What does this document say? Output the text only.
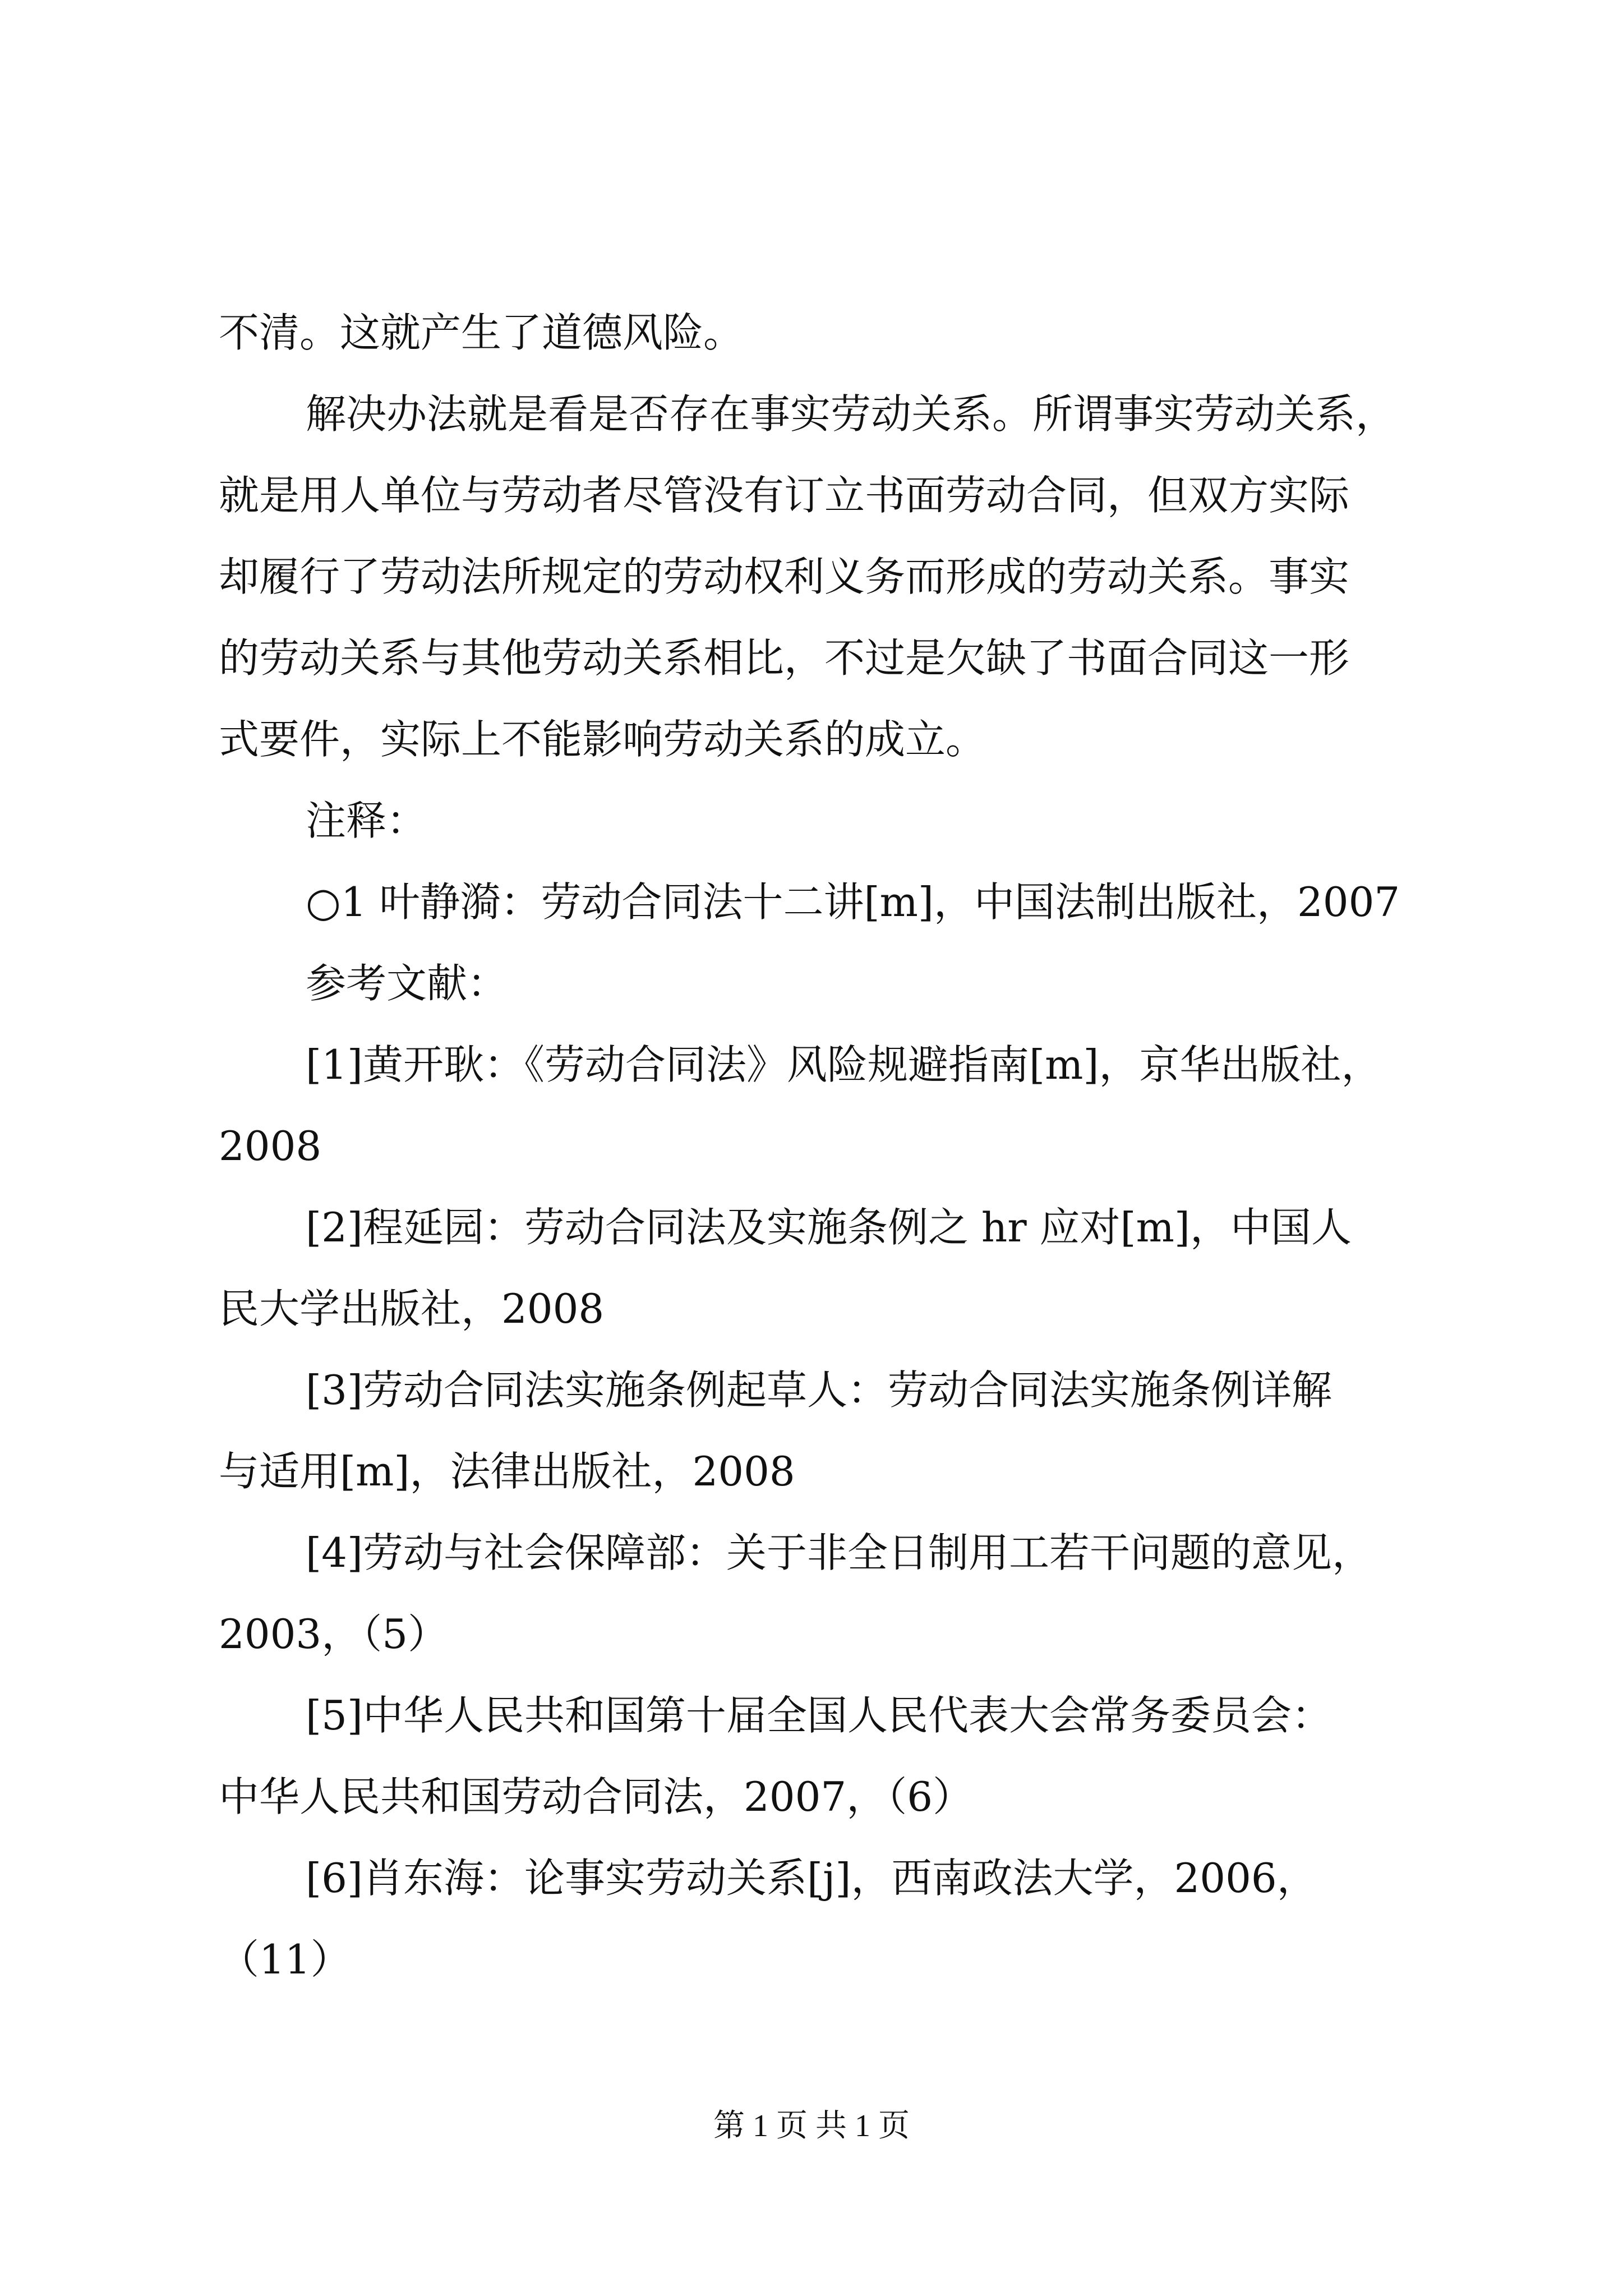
不清。这就产生了道德风险。
解决办法就是看是否存在事实劳动关系。所谓事实劳动关系，
就是用人单位与劳动者尽管没有订立书面劳动合同，但双方实际
却履行了劳动法所规定的劳动权利义务而形成的劳动关系。事实
的劳动关系与其他劳动关系相比，不过是欠缺了书面合同这一形
式要件，实际上不能影响劳动关系的成立。
注释：
○1 叶静漪：劳动合同法十二讲[m]，中国法制出版社，2007
参考文献：
[1]黄开耿：《劳动合同法》风险规避指南[m]，京华出版社，
2008
[2]程延园：劳动合同法及实施条例之 hr 应对[m]，中国人
民大学出版社，2008
[3]劳动合同法实施条例起草人：劳动合同法实施条例详解
与适用[m]，法律出版社，2008
[4]劳动与社会保障部：关于非全日制用工若干问题的意见，
2003，（5）
[5]中华人民共和国第十届全国人民代表大会常务委员会：
中华人民共和国劳动合同法，2007，（6）
[6]肖东海：论事实劳动关系[j]，西南政法大学，2006，
（11）
第 1 页 共 1 页
